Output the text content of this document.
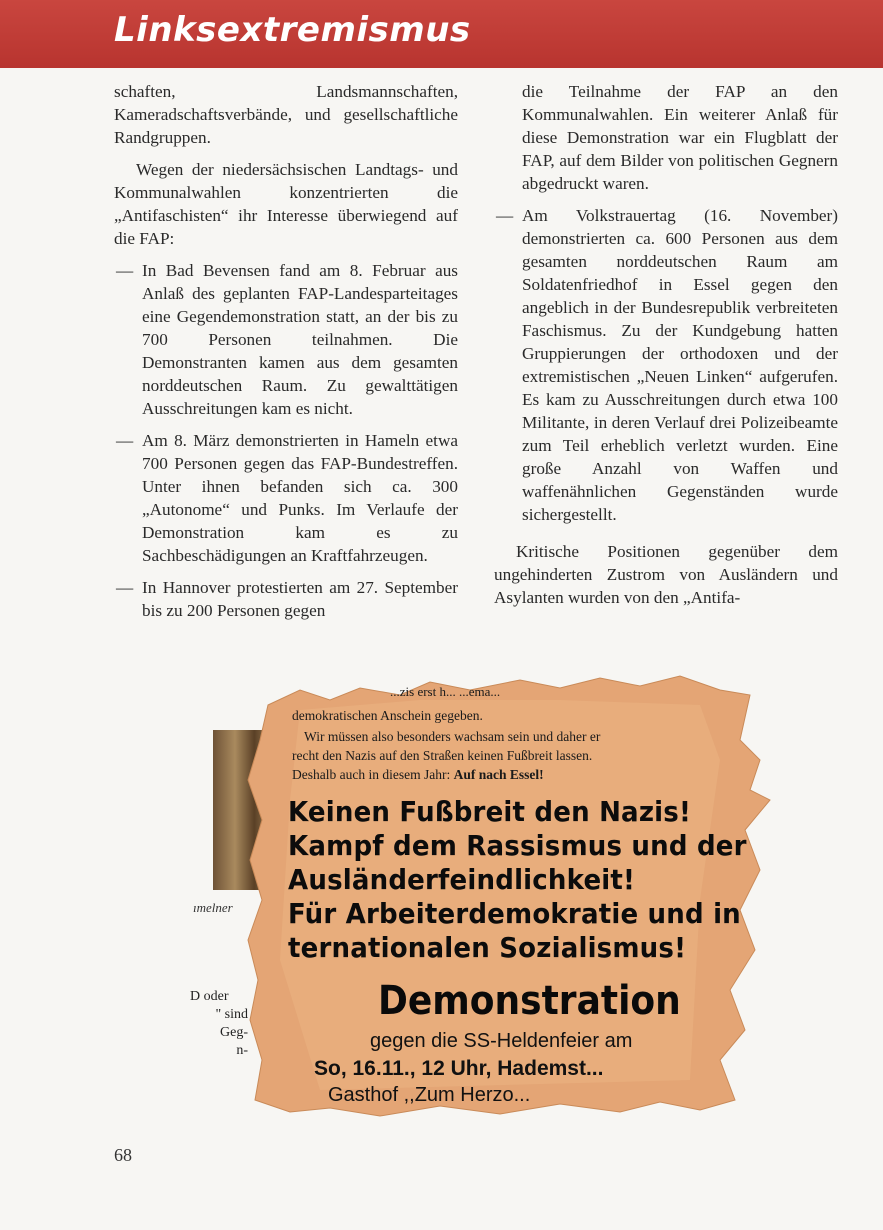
Linksextremismus

schaften, Landsmannschaften, Kameradschaftsverbände, und gesellschaftliche Randgruppen.

Wegen der niedersächsischen Landtags- und Kommunalwahlen konzentrierten die „Antifaschisten“ ihr Interesse überwiegend auf die FAP:

— In Bad Bevensen fand am 8. Februar aus Anlaß des geplanten FAP-Landesparteitages eine Gegendemonstration statt, an der bis zu 700 Personen teilnahmen. Die Demonstranten kamen aus dem gesamten norddeutschen Raum. Zu gewalttätigen Ausschreitungen kam es nicht.
— Am 8. März demonstrierten in Hameln etwa 700 Personen gegen das FAP-Bundestreffen. Unter ihnen befanden sich ca. 300 „Autonome“ und Punks. Im Verlaufe der Demonstration kam es zu Sachbeschädigungen an Kraftfahrzeugen.
— In Hannover protestierten am 27. September bis zu 200 Personen gegen

die Teilnahme der FAP an den Kommunalwahlen. Ein weiterer Anlaß für diese Demonstration war ein Flugblatt der FAP, auf dem Bilder von politischen Gegnern abgedruckt waren.

— Am Volkstrauertag (16. November) demonstrierten ca. 600 Personen aus dem gesamten norddeutschen Raum am Soldatenfriedhof in Essel gegen den angeblich in der Bundesrepublik verbreiteten Faschismus. Zu der Kundgebung hatten Gruppierungen der orthodoxen und der extremistischen „Neuen Linken“ aufgerufen. Es kam zu Ausschreitungen durch etwa 100 Militante, in deren Verlauf drei Polizeibeamte zum Teil erheblich verletzt wurden. Eine große Anzahl von Waffen und waffenähnlichen Gegenständen wurde sichergestellt.

Kritische Positionen gegenüber dem ungehinderten Zustrom von Ausländern und Asylanten wurden von den „Antifa-

ımelner
D oder
" sind
Geg-
n-
...zis erst h... ...ema...
demokratischen Anschein gegeben.
Wir müssen also besonders wachsam sein und daher er
recht den Nazis auf den Straßen keinen Fußbreit lassen.
Deshalb auch in diesem Jahr: Auf nach Essel!
Keinen Fußbreit den Nazis!
Kampf dem Rassismus und der
Ausländerfeindlichkeit!
Für Arbeiterdemokratie und in
ternationalen Sozialismus!
Demonstration
gegen die SS-Heldenfeier am
So, 16.11., 12 Uhr, Hademst...
Gasthof ,,Zum Herzo...
68
